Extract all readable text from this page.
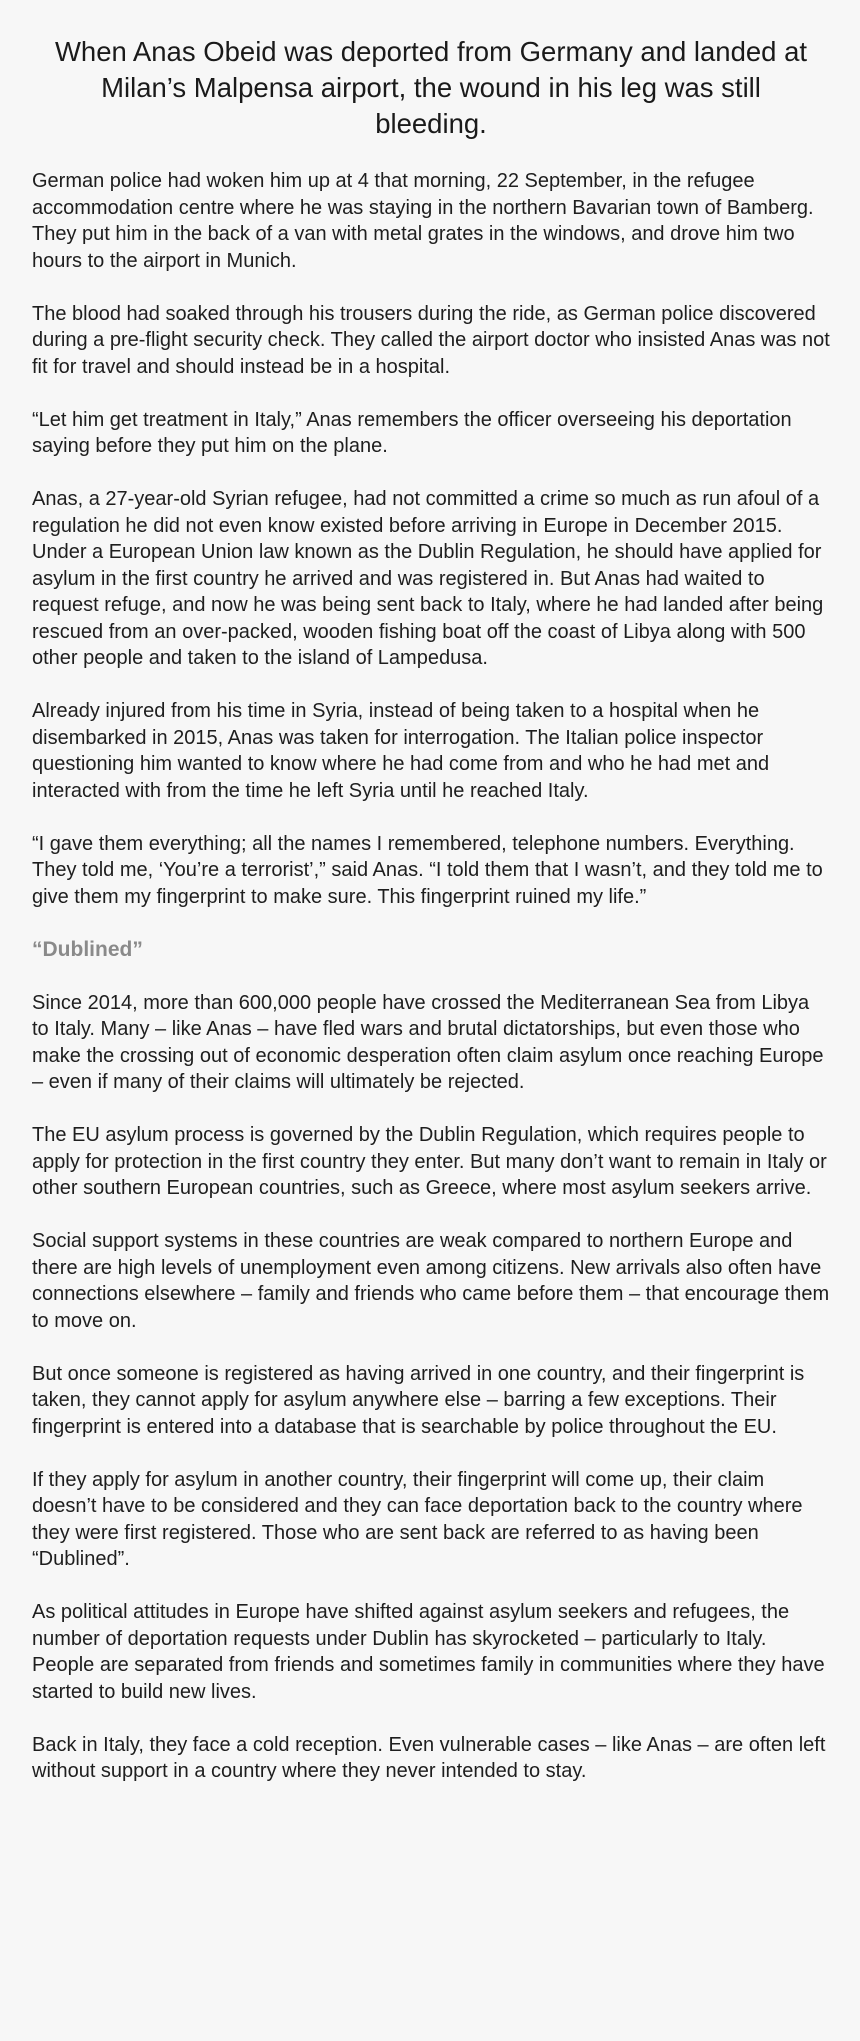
When Anas Obeid was deported from Germany and landed at Milan’s Malpensa airport, the wound in his leg was still bleeding.

German police had woken him up at 4 that morning, 22 September, in the refugee accommodation centre where he was staying in the northern Bavarian town of Bamberg. They put him in the back of a van with metal grates in the windows, and drove him two hours to the airport in Munich.

The blood had soaked through his trousers during the ride, as German police discovered during a pre-flight security check. They called the airport doctor who insisted Anas was not fit for travel and should instead be in a hospital.

“Let him get treatment in Italy,” Anas remembers the officer overseeing his deportation saying before they put him on the plane.

Anas, a 27-year-old Syrian refugee, had not committed a crime so much as run afoul of a regulation he did not even know existed before arriving in Europe in December 2015. Under a European Union law known as the Dublin Regulation, he should have applied for asylum in the first country he arrived and was registered in. But Anas had waited to request refuge, and now he was being sent back to Italy, where he had landed after being rescued from an over-packed, wooden fishing boat off the coast of Libya along with 500 other people and taken to the island of Lampedusa.

Already injured from his time in Syria, instead of being taken to a hospital when he disembarked in 2015, Anas was taken for interrogation. The Italian police inspector questioning him wanted to know where he had come from and who he had met and interacted with from the time he left Syria until he reached Italy.

“I gave them everything; all the names I remembered, telephone numbers. Everything. They told me, ‘You’re a terrorist’,” said Anas. “I told them that I wasn’t, and they told me to give them my fingerprint to make sure. This fingerprint ruined my life.”

“Dublined”

Since 2014, more than 600,000 people have crossed the Mediterranean Sea from Libya to Italy. Many – like Anas – have fled wars and brutal dictatorships, but even those who make the crossing out of economic desperation often claim asylum once reaching Europe – even if many of their claims will ultimately be rejected.

The EU asylum process is governed by the Dublin Regulation, which requires people to apply for protection in the first country they enter. But many don’t want to remain in Italy or other southern European countries, such as Greece, where most asylum seekers arrive.

Social support systems in these countries are weak compared to northern Europe and there are high levels of unemployment even among citizens. New arrivals also often have connections elsewhere – family and friends who came before them – that encourage them to move on.

But once someone is registered as having arrived in one country, and their fingerprint is taken, they cannot apply for asylum anywhere else – barring a few exceptions. Their fingerprint is entered into a database that is searchable by police throughout the EU.

If they apply for asylum in another country, their fingerprint will come up, their claim doesn’t have to be considered and they can face deportation back to the country where they were first registered. Those who are sent back are referred to as having been “Dublined”.

As political attitudes in Europe have shifted against asylum seekers and refugees, the number of deportation requests under Dublin has skyrocketed – particularly to Italy. People are separated from friends and sometimes family in communities where they have started to build new lives.

Back in Italy, they face a cold reception. Even vulnerable cases – like Anas – are often left without support in a country where they never intended to stay.
